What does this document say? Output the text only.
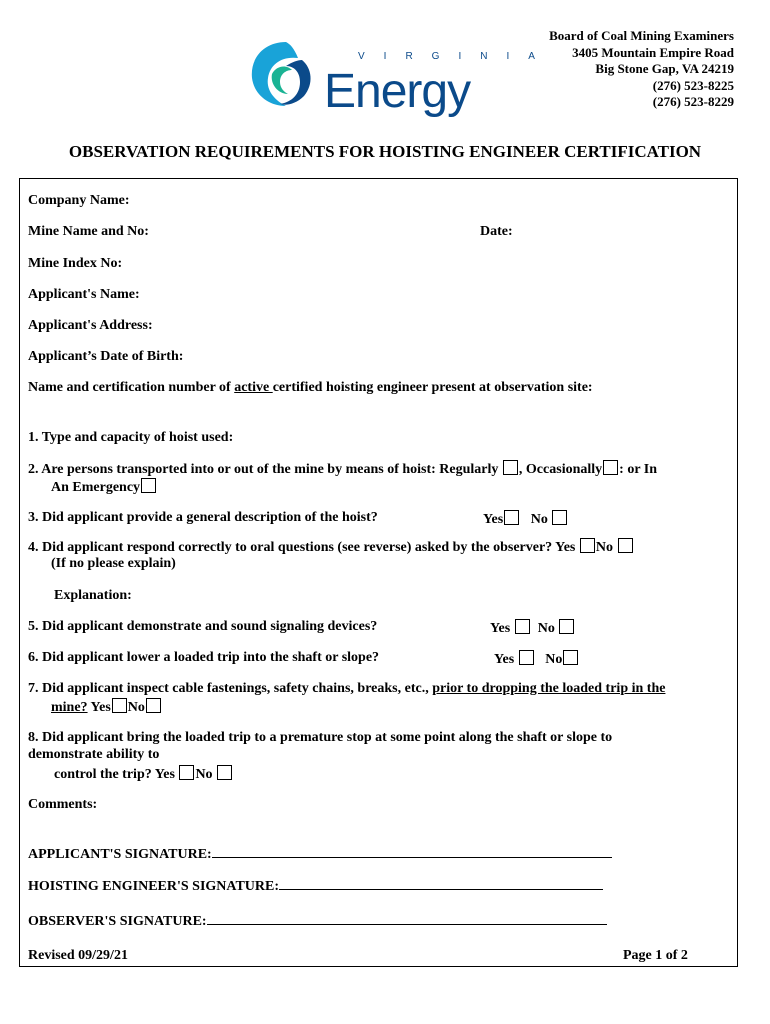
VIRGINIA
Energy
Board of Coal Mining Examiners
3405 Mountain Empire Road
Big Stone Gap, VA 24219
(276) 523-8225
(276) 523-8229
OBSERVATION REQUIREMENTS FOR HOISTING ENGINEER CERTIFICATION
Company Name:
Mine Name and No:	Date:
Mine Index No:
Applicant's Name:
Applicant's Address:
Applicant’s Date of Birth:
Name and certification number of active certified hoisting engineer present at observation site:
1. Type and capacity of hoist used:
2. Are persons transported into or out of the mine by means of hoist: Regularly , Occasionally : or In
An Emergency
3. Did applicant provide a general description of the hoist?	Yes No
4. Did applicant respond correctly to oral questions (see reverse) asked by the observer? Yes No
(If no please explain)
Explanation:
5. Did applicant demonstrate and sound signaling devices?	Yes No
6. Did applicant lower a loaded trip into the shaft or slope?	Yes No
7. Did applicant inspect cable fastenings, safety chains, breaks, etc., prior to dropping the loaded trip in the
mine? Yes No
8. Did applicant bring the loaded trip to a premature stop at some point along the shaft or slope to
demonstrate ability to
control the trip? Yes No
Comments:
APPLICANT'S SIGNATURE:
HOISTING ENGINEER'S SIGNATURE:
OBSERVER'S SIGNATURE:
Revised 09/29/21	Page 1 of 2
